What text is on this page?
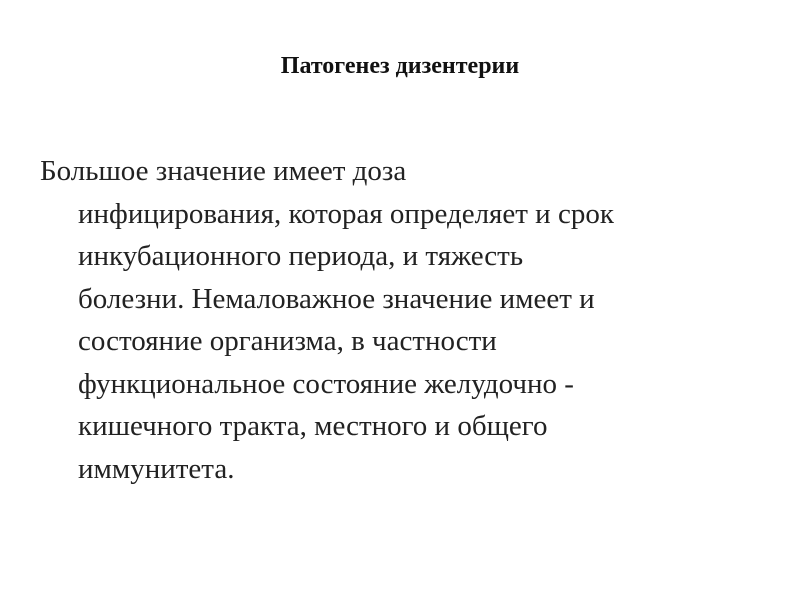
Патогенез дизентерии
Большое значение имеет доза
инфицирования, которая определяет и срок
инкубационного периода, и тяжесть
болезни. Немаловажное значение имеет и
состояние организма, в частности
функциональное состояние желудочно -
кишечного тракта, местного и общего
иммунитета.
